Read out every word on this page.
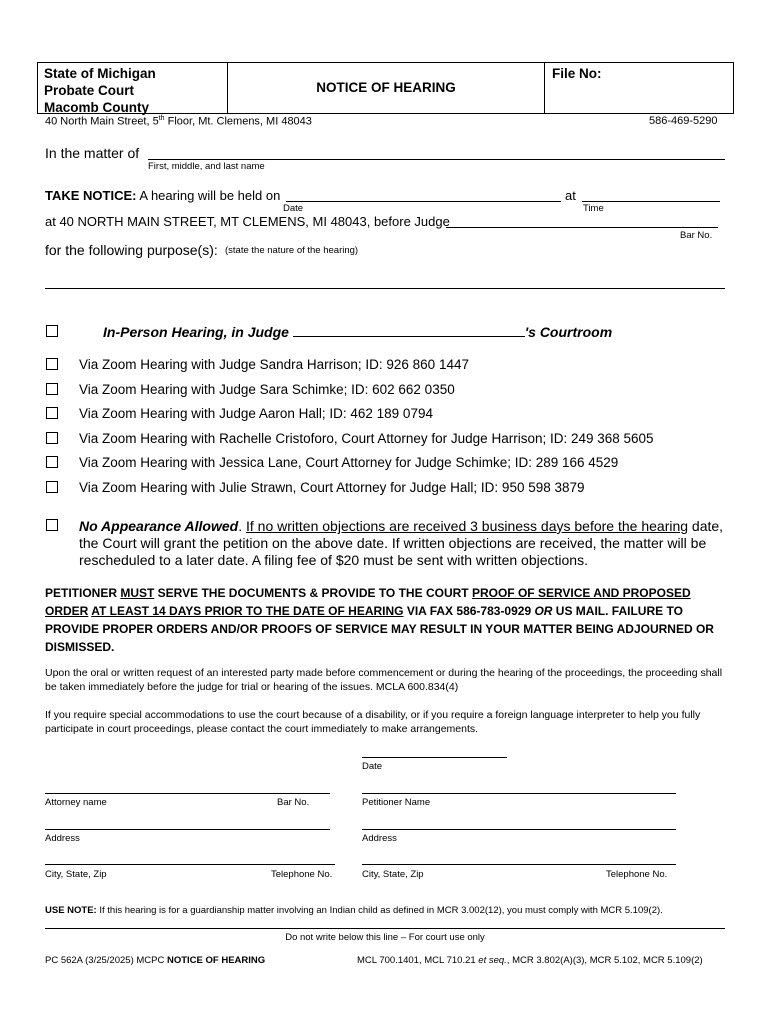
State of Michigan
Probate Court
Macomb County
NOTICE OF HEARING
File No:
40 North Main Street, 5th Floor, Mt. Clemens, MI 48043	586-469-5290
In the matter of
First, middle, and last name
TAKE NOTICE: A hearing will be held on	at
Date	Time
at 40 NORTH MAIN STREET, MT CLEMENS, MI 48043, before Judge
Bar No.
for the following purpose(s): (state the nature of the hearing)
In-Person Hearing, in Judge	's Courtroom
Via Zoom Hearing with Judge Sandra Harrison; ID: 926 860 1447
Via Zoom Hearing with Judge Sara Schimke; ID: 602 662 0350
Via Zoom Hearing with Judge Aaron Hall; ID: 462 189 0794
Via Zoom Hearing with Rachelle Cristoforo, Court Attorney for Judge Harrison; ID: 249 368 5605
Via Zoom Hearing with Jessica Lane, Court Attorney for Judge Schimke; ID: 289 166 4529
Via Zoom Hearing with Julie Strawn, Court Attorney for Judge Hall; ID: 950 598 3879
No Appearance Allowed. If no written objections are received 3 business days before the hearing date,
the Court will grant the petition on the above date. If written objections are received, the matter will be
rescheduled to a later date. A filing fee of $20 must be sent with written objections.
PETITIONER MUST SERVE THE DOCUMENTS & PROVIDE TO THE COURT PROOF OF SERVICE AND PROPOSED ORDER AT LEAST 14 DAYS PRIOR TO THE DATE OF HEARING VIA FAX 586-783-0929 OR US MAIL. FAILURE TO PROVIDE PROPER ORDERS AND/OR PROOFS OF SERVICE MAY RESULT IN YOUR MATTER BEING ADJOURNED OR DISMISSED.
Upon the oral or written request of an interested party made before commencement or during the hearing of the proceedings, the proceeding shall be taken immediately before the judge for trial or hearing of the issues. MCLA 600.834(4)
If you require special accommodations to use the court because of a disability, or if you require a foreign language interpreter to help you fully participate in court proceedings, please contact the court immediately to make arrangements.
Date
Attorney name	Bar No.	Petitioner Name
Address	Address
City, State, Zip	Telephone No.	City, State, Zip	Telephone No.
USE NOTE: If this hearing is for a guardianship matter involving an Indian child as defined in MCR 3.002(12), you must comply with MCR 5.109(2).
Do not write below this line – For court use only
PC 562A (3/25/2025) MCPC NOTICE OF HEARING	MCL 700.1401, MCL 710.21 et seq., MCR 3.802(A)(3), MCR 5.102, MCR 5.109(2)
